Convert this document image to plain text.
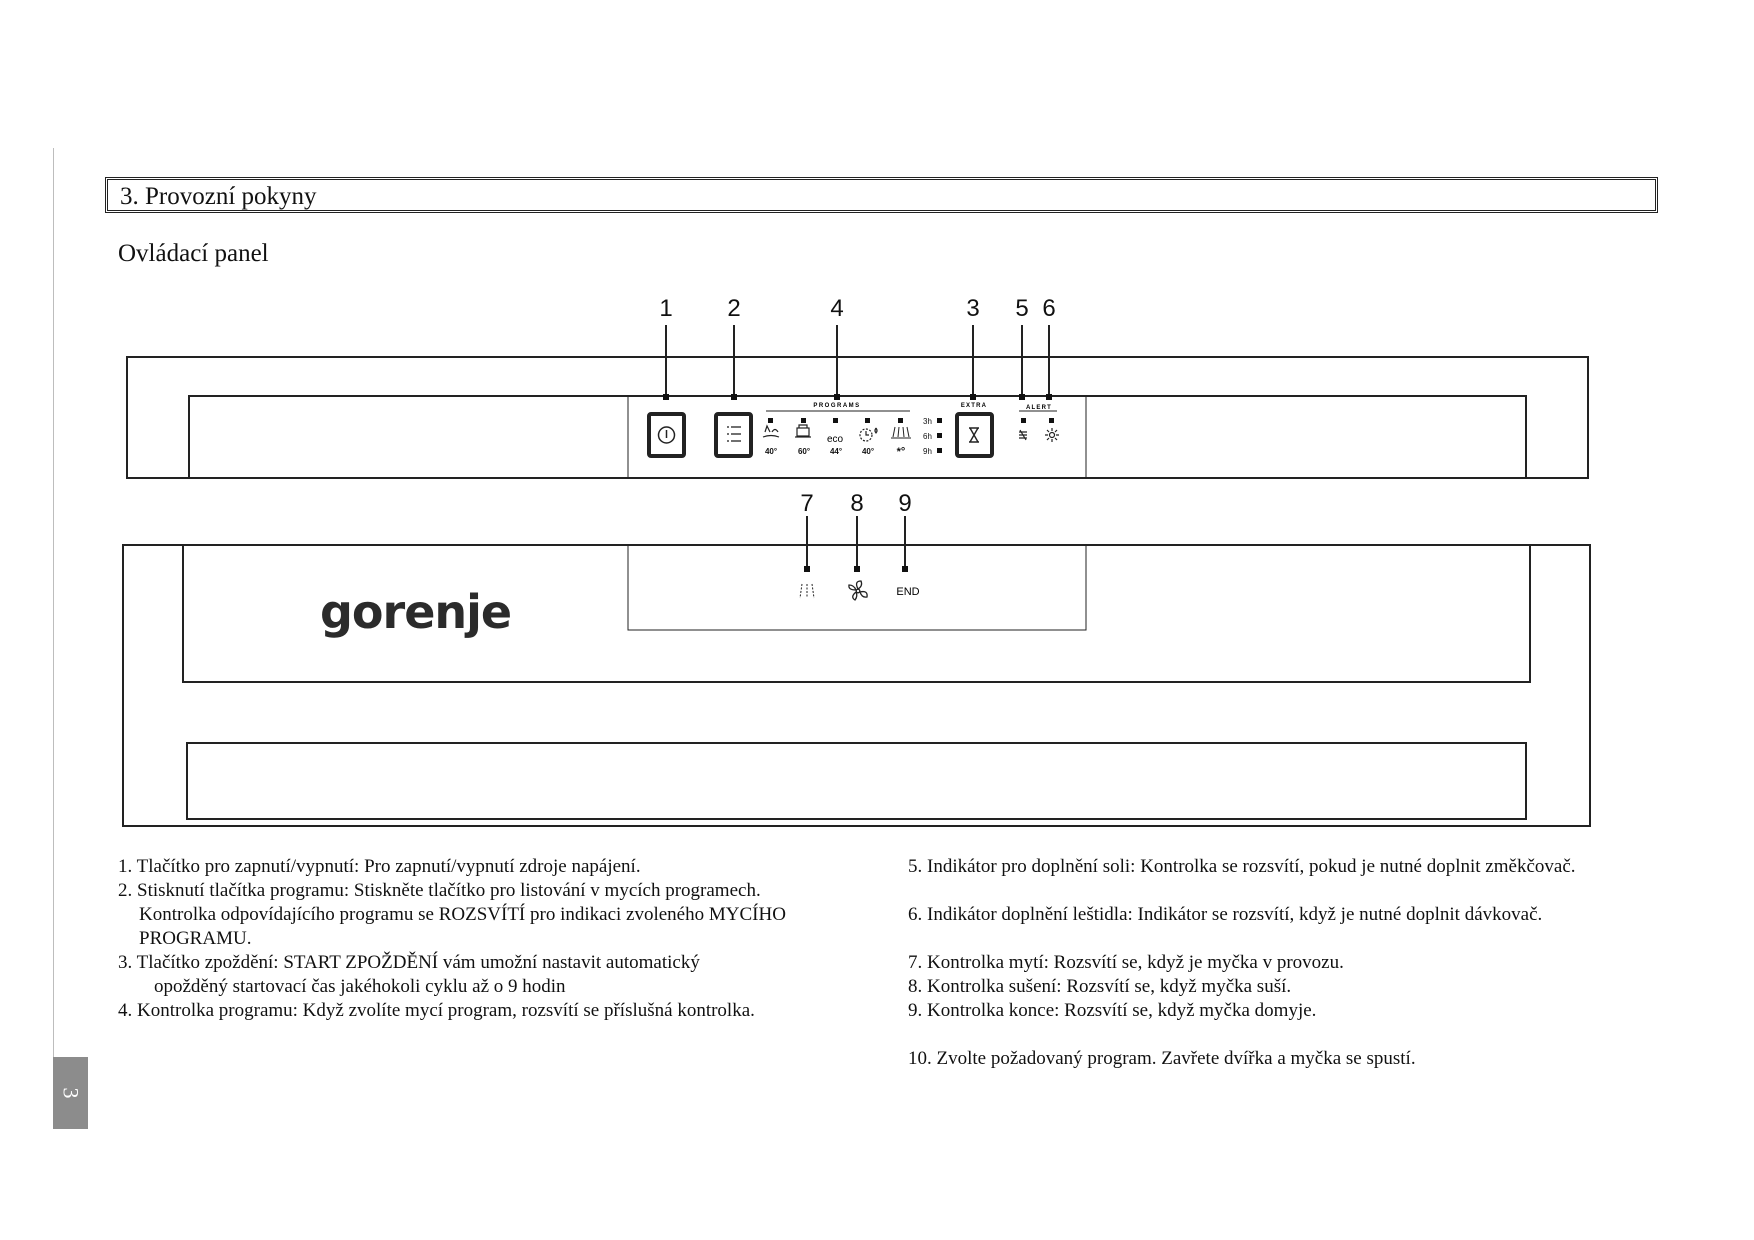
3
3. Provozní pokyny
Ovládací panel
1 2	4	3 5 6
PROGRAMS
eco
40°	60° 44° 40° *°
3h
6h
9h
EXTRA	ALERT
7 8 9
END
gorenje
1. Tlačítko pro zapnutí/vypnutí: Pro zapnutí/vypnutí zdroje napájení.
2. Stisknutí tlačítka programu: Stiskněte tlačítko pro listování v mycích programech.
Kontrolka odpovídajícího programu se ROZSVÍTÍ pro indikaci zvoleného MYCÍHO
PROGRAMU.
3. Tlačítko zpoždění: START ZPOŽDĚNÍ vám umožní nastavit automatický
opožděný startovací čas jakéhokoli cyklu až o 9 hodin
4. Kontrolka programu: Když zvolíte mycí program, rozsvítí se příslušná kontrolka.
5. Indikátor pro doplnění soli: Kontrolka se rozsvítí, pokud je nutné doplnit změkčovač.
6. Indikátor doplnění leštidla: Indikátor se rozsvítí, když je nutné doplnit dávkovač.
7. Kontrolka mytí: Rozsvítí se, když je myčka v provozu.
8. Kontrolka sušení: Rozsvítí se, když myčka suší.
9. Kontrolka konce: Rozsvítí se, když myčka domyje.
10. Zvolte požadovaný program. Zavřete dvířka a myčka se spustí.
